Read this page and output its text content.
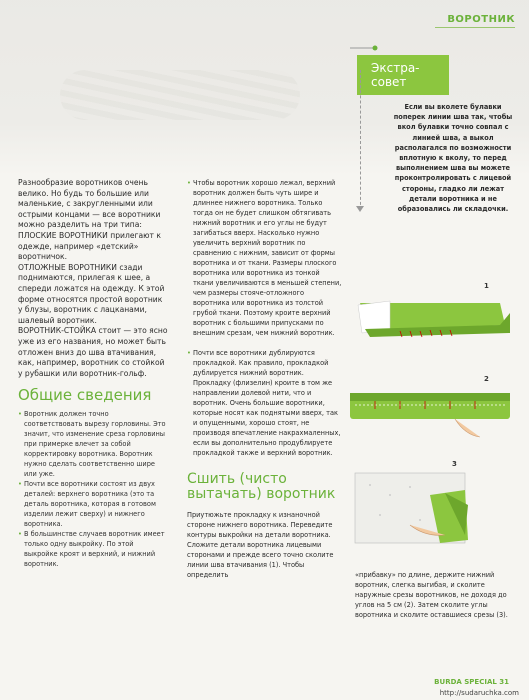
ВОРОТНИК
Экстра-
совет
Если вы вколете булавки поперек линии шва так, чтобы вкол булавки точно совпал с линией шва, а выкол располагался по возможности вплотную к вколу, то перед выполнением шва вы можете проконтролировать с лицевой стороны, гладко ли лежат детали воротника и не образовались ли складочки.

Разнообразие воротников очень велико. Но будь то большие или маленькие, с закругленными или острыми концами — все воротники можно разделить на три типа:

ПЛОСКИЕ ВОРОТНИКИ прилегают к одежде, например «детский» воротничок.

ОТЛОЖНЫЕ ВОРОТНИКИ сзади поднимаются, прилегая к шее, а спереди ложатся на одежду. К этой форме относятся простой воротник у блузы, воротник с лацканами, шалевый воротник.

ВОРОТНИК-СТОЙКА стоит — это ясно уже из его названия, но может быть отложен вниз до шва втачивания, как, например, воротник со стойкой у рубашки или воротник-гольф.

Общие сведения

• Воротник должен точно соответствовать вырезу горловины. Это значит, что изменение среза горловины при примерке влечет за собой корректировку воротника. Воротник нужно сделать соответственно шире или уже.

• Почти все воротники состоят из двух деталей: верхнего воротника (это та деталь воротника, которая в готовом изделии лежит сверху) и нижнего воротника.

• В большинстве случаев воротник имеет только одну выкройку. По этой выкройке кроят и верхний, и нижний воротник.

• Чтобы воротник хорошо лежал, верхний воротник должен быть чуть шире и длиннее нижнего воротника. Только тогда он не будет слишком обтягивать нижний воротник и его углы не будут загибаться вверх. Насколько нужно увеличить верхний воротник по сравнению с нижним, зависит от формы воротника и от ткани. Размеры плоского воротника или воротника из тонкой ткани увеличиваются в меньшей степени, чем размеры стояче-отложного воротника или воротника из толстой грубой ткани. Поэтому кроите верхний воротник с большими припусками по внешним срезам, чем нижний воротник.

• Почти все воротники дублируются прокладкой. Как правило, прокладкой дублируется нижний воротник. Прокладку (флизелин) кроите в том же направлении долевой нити, что и воротник. Очень большие воротники, которые носят как поднятыми вверх, так и опущенными, хорошо стоят, не производя впечатление накрахмаленных, если вы дополнительно продублируете прокладкой также и верхний воротник.

Сшить (чисто вытачать) воротник

Приутюжьте прокладку к изнаночной стороне нижнего воротника. Переведите контуры выкройки на детали воротника. Сложите детали воротника лицевыми сторонами и прежде всего точно сколите линии шва втачивания (1). Чтобы определить

1
2
3
«прибавку» по длине, держите нижний воротник, слегка выгибая, и сколите наружные срезы воротников, не доходя до углов на 5 см (2). Затем сколите углы воротника и сколите оставшиеся срезы (3).
BURDA SPECIAL 31
http://sudaruchka.com
